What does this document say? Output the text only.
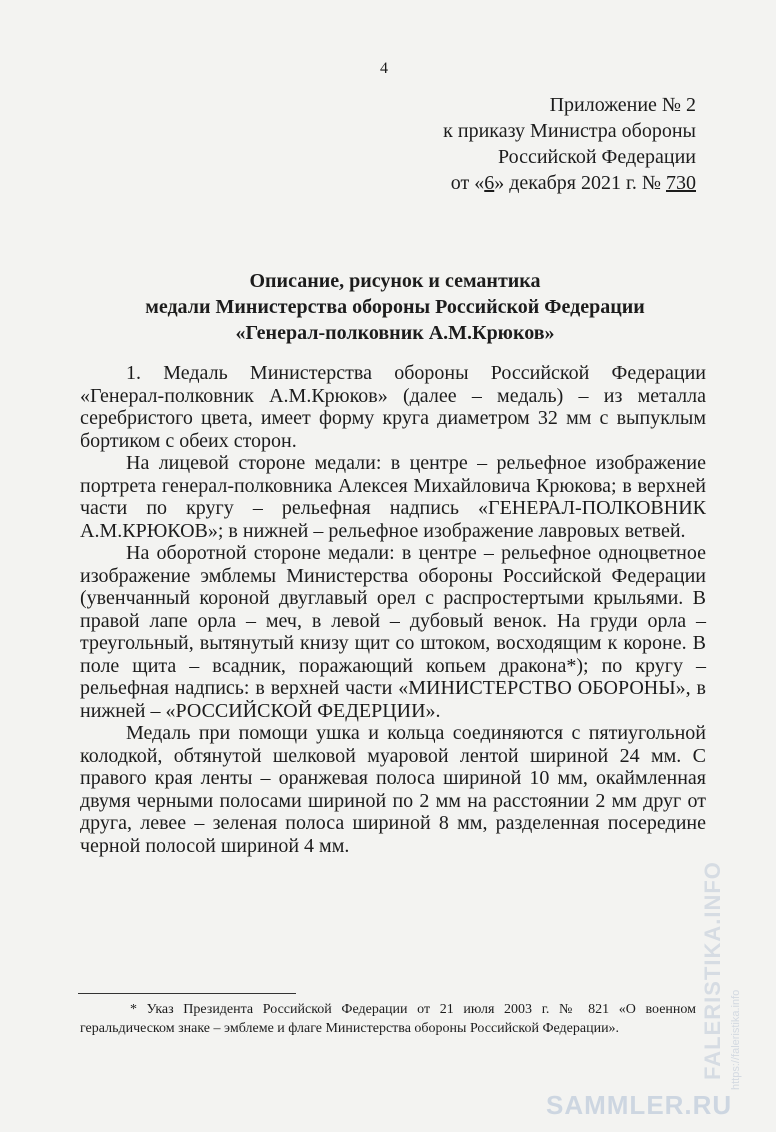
4
Приложение № 2
к приказу Министра обороны
Российской Федерации
от «6» декабря 2021 г. № 730
Описание, рисунок и семантика
медали Министерства обороны Российской Федерации
«Генерал-полковник А.М.Крюков»

1. Медаль Министерства обороны Российской Федерации «Генерал-полковник А.М.Крюков» (далее – медаль) – из металла серебристого цвета, имеет форму круга диаметром 32 мм с выпуклым бортиком с обеих сторон.

На лицевой стороне медали: в центре – рельефное изображение портрета генерал-полковника Алексея Михайловича Крюкова; в верхней части по кругу – рельефная надпись «ГЕНЕРАЛ-ПОЛКОВНИК А.М.КРЮКОВ»; в нижней – рельефное изображение лавровых ветвей.

На оборотной стороне медали: в центре – рельефное одноцветное изображение эмблемы Министерства обороны Российской Федерации (увенчанный короной двуглавый орел с распростертыми крыльями. В правой лапе орла – меч, в левой – дубовый венок. На груди орла – треугольный, вытянутый книзу щит со штоком, восходящим к короне. В поле щита – всадник, поражающий копьем дракона*); по кругу – рельефная надпись: в верхней части «МИНИСТЕРСТВО ОБОРОНЫ», в нижней – «РОССИЙСКОЙ ФЕДЕРЦИИ».

Медаль при помощи ушка и кольца соединяются с пятиугольной колодкой, обтянутой шелковой муаровой лентой шириной 24 мм. С правого края ленты – оранжевая полоса шириной 10 мм, окаймленная двумя черными полосами шириной по 2 мм на расстоянии 2 мм друг от друга, левее – зеленая полоса шириной 8 мм, разделенная посередине черной полосой шириной 4 мм.

* Указ Президента Российской Федерации от 21 июля 2003 г. № 821 «О военном геральдическом знаке – эмблеме и флаге Министерства обороны Российской Федерации».	FALERISTIKA.INFO https://faleristika.info
SAMMLER.RU
